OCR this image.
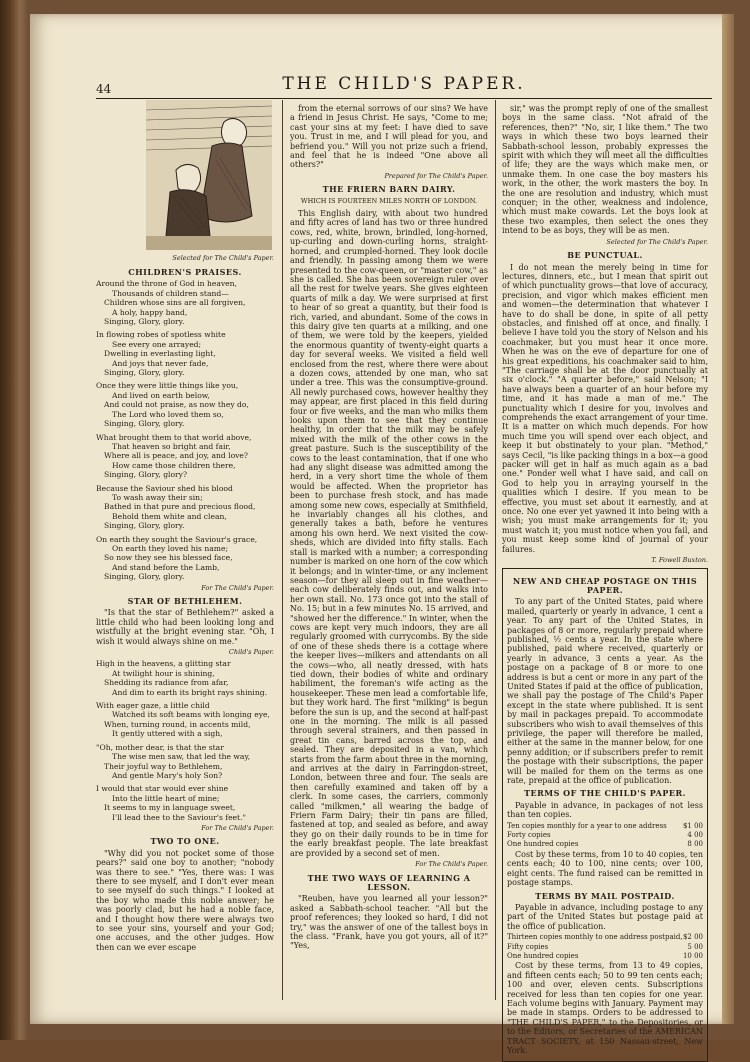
44	THE CHILD'S PAPER.
Selected for The Child's Paper.

CHILDREN'S PRAISES.

Around the throne of God in heaven,
Thousands of children stand—
Children whose sins are all forgiven,
A holy, happy band,
Singing, Glory, glory.
In flowing robes of spotless white
See every one arrayed;
Dwelling in everlasting light,
And joys that never fade,
Singing, Glory, glory.
Once they were little things like you,
And lived on earth below,
And could not praise, as now they do,
The Lord who loved them so,
Singing, Glory, glory.
What brought them to that world above,
That heaven so bright and fair,
Where all is peace, and joy, and love?
How came those children there,
Singing, Glory, glory?
Because the Saviour shed his blood
To wash away their sin;
Bathed in that pure and precious flood,
Behold them white and clean,
Singing, Glory, glory.
On earth they sought the Saviour's grace,
On earth they loved his name;
So now they see his blessed face,
And stand before the Lamb,
Singing, Glory, glory.

For The Child's Paper.

STAR OF BETHLEHEM.

"Is that the star of Bethlehem?" asked a little child who had been looking long and wistfully at the bright evening star. "Oh, I wish it would always shine on me."

Child's Paper.

High in the heavens, a glitting star
At twilight hour is shining,
Shedding its radiance from afar,
And dim to earth its bright rays shining.
With eager gaze, a little child
Watched its soft beams with longing eye,
When, turning round, in accents mild,
It gently uttered with a sigh,
"Oh, mother dear, is that the star
The wise men saw, that led the way,
Their joyful way to Bethlehem,
And gentle Mary's holy Son?
I would that star would ever shine
Into the little heart of mine;
It seems to my in language sweet,
I'll lead thee to the Saviour's feet."

For The Child's Paper.

TWO TO ONE.

"Why did you not pocket some of those pears?" said one boy to another; "nobody was there to see." "Yes, there was: I was there to see myself, and I don't ever mean to see myself do such things." I looked at the boy who made this noble answer; he was poorly clad, but he had a noble face, and I thought how there were always two to see your sins, yourself and your God; one accuses, and the other judges. How then can we ever escape

from the eternal sorrows of our sins? We have a friend in Jesus Christ. He says, "Come to me; cast your sins at my feet: I have died to save you. Trust in me, and I will plead for you, and befriend you." Will you not prize such a friend, and feel that he is indeed "One above all others?"

Prepared for The Child's Paper.

THE FRIERN BARN DAIRY.

WHICH IS FOURTEEN MILES NORTH OF LONDON.

This English dairy, with about two hundred and fifty acres of land has two or three hundred cows, red, white, brown, brindled, long-horned, up-curling and down-curling horns, straight-horned, and crumpled-horned. They look docile and friendly. In passing among them we were presented to the cow-queen, or "master cow," as she is called. She has been sovereign ruler over all the rest for twelve years. She gives eighteen quarts of milk a day. We were surprised at first to hear of so great a quantity, but their food is rich, varied, and abundant. Some of the cows in this dairy give ten quarts at a milking, and one of them, we were told by the keepers, yielded the enormous quantity of twenty-eight quarts a day for several weeks. We visited a field well enclosed from the rest, where there were about a dozen cows, attended by one man, who sat under a tree. This was the consumptive-ground. All newly purchased cows, however healthy they may appear, are first placed in this field during four or five weeks, and the man who milks them looks upon them to see that they continue healthy, in order that the milk may be safely mixed with the milk of the other cows in the great pasture. Such is the susceptibility of the cows to the least contamination, that if one who had any slight disease was admitted among the herd, in a very short time the whole of them would be affected. When the proprietor has been to purchase fresh stock, and has made among some new cows, especially at Smithfield, he invariably changes all his clothes, and generally takes a bath, before he ventures among his own herd. We next visited the cow-sheds, which are divided into fifty stalls. Each stall is marked with a number; a corresponding number is marked on one horn of the cow which it belongs; and in winter-time, or any inclement season—for they all sleep out in fine weather—each cow deliberately finds out, and walks into her own stall. No. 173 once got into the stall of No. 15; but in a few minutes No. 15 arrived, and "showed her the difference." In winter, when the cows are kept very much indoors, they are all regularly groomed with currycombs. By the side of one of these sheds there is a cottage where the keeper lives—milkers and attendants on all the cows—who, all neatly dressed, with hats tied down, their bodies of white and ordinary habiliment, the foreman's wife acting as the housekeeper. These men lead a comfortable life, but they work hard. The first "milking" is begun before the sun is up, and the second at half-past one in the morning. The milk is all passed through several strainers, and then passed in great tin cans, barred across the top, and sealed. They are deposited in a van, which starts from the farm about three in the morning, and arrives at the dairy in Farringdon-street, London, between three and four. The seals are then carefully examined and taken off by a clerk. In some cases, the carriers, commonly called "milkmen," all wearing the badge of Friern Farm Dairy; their tin pans are filled, fastened at top, and sealed as before, and away they go on their daily rounds to be in time for the early breakfast people. The late breakfast are provided by a second set of men.

For The Child's Paper.

THE TWO WAYS OF LEARNING A LESSON.

"Reuben, have you learned all your lesson?" asked a Sabbath-school teacher. "All but the proof references; they looked so hard, I did not try," was the answer of one of the tallest boys in the class. "Frank, have you got yours, all of it?" "Yes,

sir," was the prompt reply of one of the smallest boys in the same class. "Not afraid of the references, then?" "No, sir, I like them." The two ways in which these two boys learned their Sabbath-school lesson, probably expresses the spirit with which they will meet all the difficulties of life; they are the ways which make men, or unmake them. In one case the boy masters his work, in the other, the work masters the boy. In the one are resolution and industry, which must conquer; in the other, weakness and indolence, which must make cowards. Let the boys look at these two examples, then select the ones they intend to be as boys, they will be as men.

Selected for The Child's Paper.

BE PUNCTUAL.

I do not mean the merely being in time for lectures, dinners, etc., but I mean that spirit out of which punctuality grows—that love of accuracy, precision, and vigor which makes efficient men and women—the determination that whatever I have to do shall be done, in spite of all petty obstacles, and finished off at once, and finally. I believe I have told you the story of Nelson and his coachmaker, but you must hear it once more. When he was on the eve of departure for one of his great expeditions, his coachmaker said to him, "The carriage shall be at the door punctually at six o'clock." "A quarter before," said Nelson; "I have always been a quarter of an hour before my time, and it has made a man of me." The punctuality which I desire for you, involves and comprehends the exact arrangement of your time. It is a matter on which much depends. For how much time you will spend over each object, and keep it but obstinately to your plan. "Method," says Cecil, "is like packing things in a box—a good packer will get in half as much again as a bad one." Ponder well what I have said, and call on God to help you in arraying yourself in the qualities which I desire. If you mean to be effective, you must set about it earnestly, and at once. No one ever yet yawned it into being with a wish; you must make arrangements for it; you must watch it; you must notice when you fail, and you must keep some kind of journal of your failures.

T. Fowell Buxton.

NEW AND CHEAP POSTAGE ON THIS PAPER.

To any part of the United States, paid where mailed, quarterly or yearly in advance, 1 cent a year. To any part of the United States, in packages of 8 or more, regularly prepaid where published, ½ cents a year. In the state where published, paid where received, quarterly or yearly in advance, 3 cents a year. As the postage on a package of 8 or more to one address is but a cent or more in any part of the United States if paid at the office of publication, we shall pay the postage of The Child's Paper except in the state where published. It is sent by mail in packages prepaid. To accommodate subscribers who wish to avail themselves of this privilege, the paper will therefore be mailed, either at the same in the manner below, for one penny addition; or if subscribers prefer to remit the postage with their subscriptions, the paper will be mailed for them on the terms as one rate, prepaid at the office of publication.

TERMS OF THE CHILD'S PAPER.

Payable in advance, in packages of not less than ten copies.

Ten copies monthly for a year to one address $1 00
Forty copies	4 00
One hundred copies	8 00

Cost by these terms, from 10 to 40 copies, ten cents each; 40 to 100, nine cents; over 100, eight cents. The fund raised can be remitted in postage stamps.

TERMS BY MAIL POSTPAID.

Payable in advance, including postage to any part of the United States but postage paid at the office of publication.

Thirteen copies monthly to one address postpaid, $2 00
Fifty copies	5 00
One hundred copies	10 00

Cost by these terms, from 13 to 49 copies, and fifteen cents each; 50 to 99 ten cents each; 100 and over, eleven cents. Subscriptions received for less than ten copies for one year. Each volume begins with January. Payment may be made in stamps. Orders to be addressed to "THE CHILD'S PAPER," to the Depositories, or to the Editors, or Secretaries of the AMERICAN TRACT SOCIETY, at 150 Nassau-street, New York.
